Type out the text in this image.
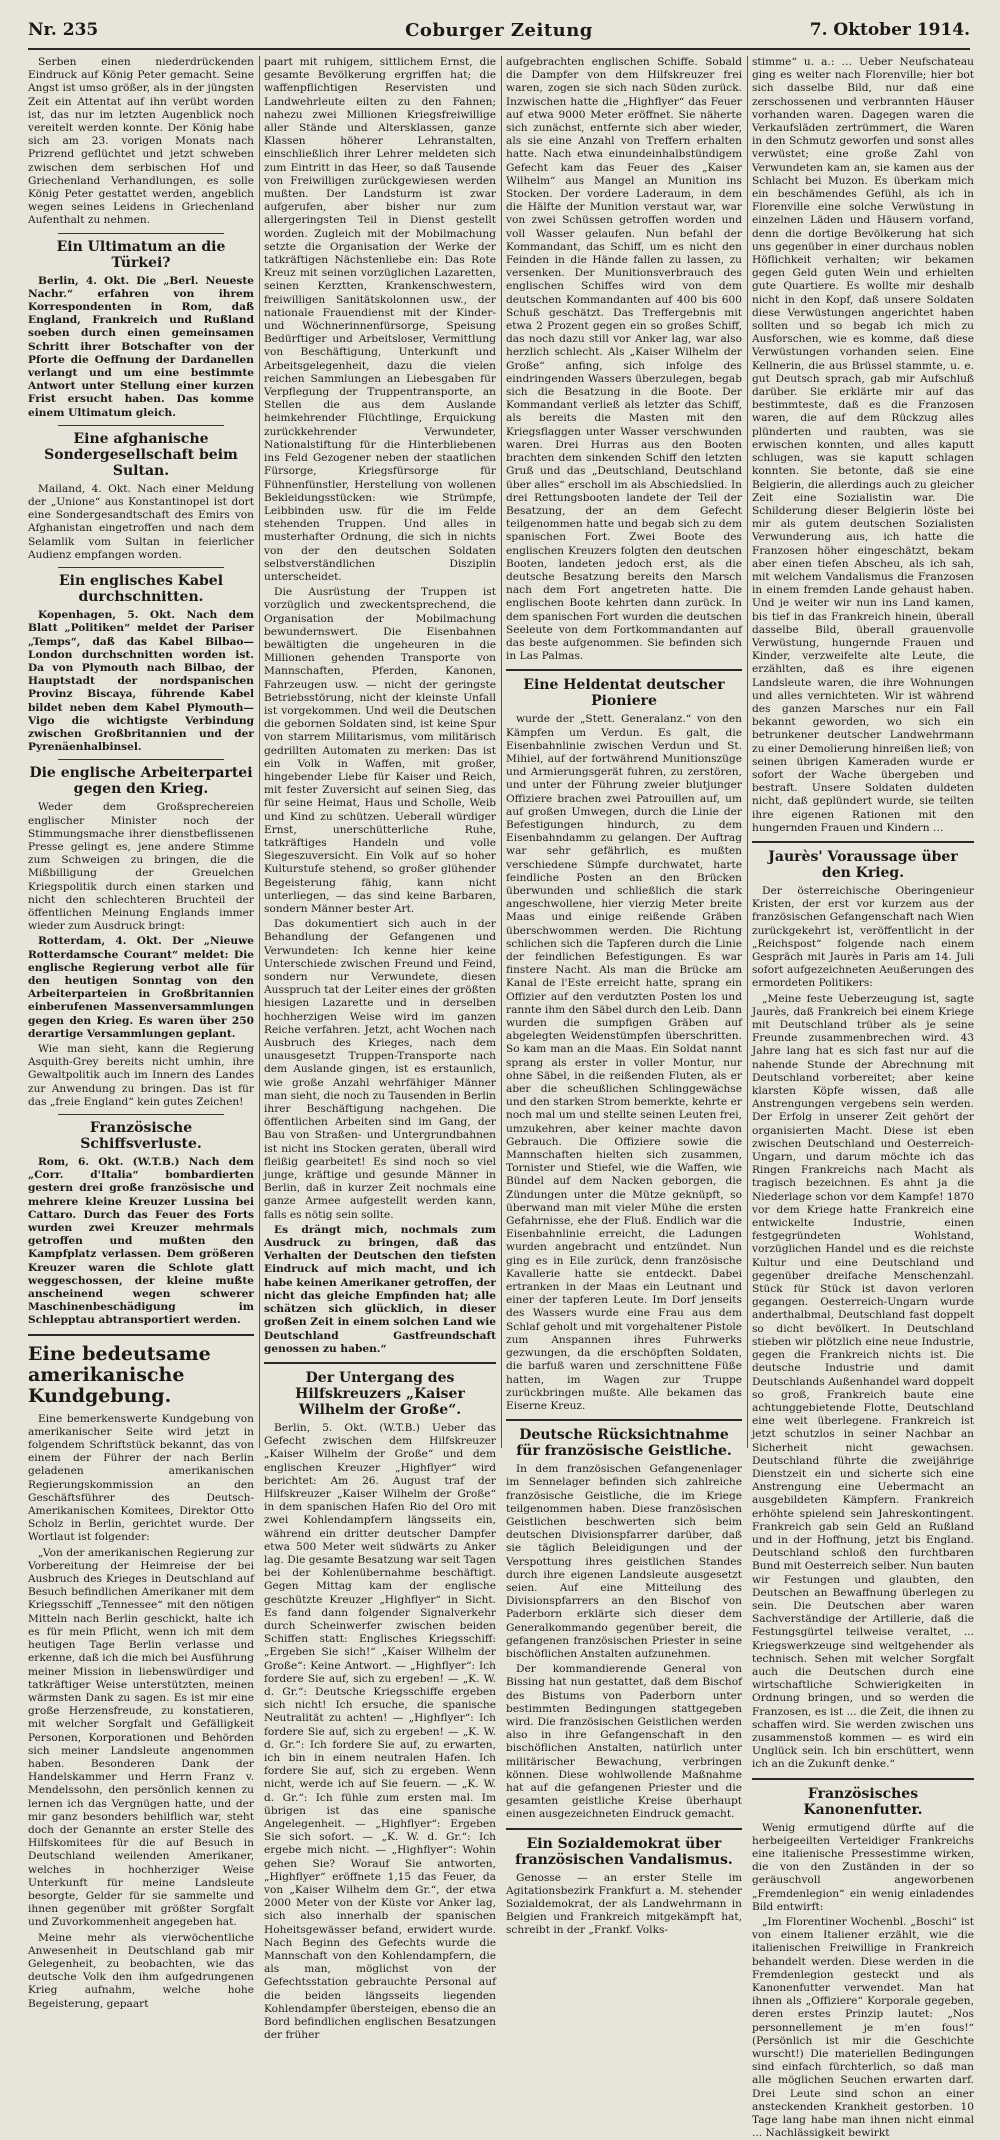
Nr. 235	Coburger Zeitung	7. Oktober 1914.

Serben einen niederdrückenden Eindruck auf König Peter gemacht. Seine Angst ist umso größer, als in der jüngsten Zeit ein Attentat auf ihn verübt worden ist, das nur im letzten Augenblick noch vereitelt werden konnte. Der König habe sich am 23. vorigen Monats nach Prizrend geflüchtet und jetzt schweben zwischen dem serbischen Hof und Griechenland Verhandlungen, es solle König Peter gestattet werden, angeblich wegen seines Leidens in Griechenland Aufenthalt zu nehmen.

Ein Ultimatum an die Türkei?

Berlin, 4. Okt. Die „Berl. Neueste Nachr.“ erfahren von ihrem Korrespondenten in Rom, daß England, Frankreich und Rußland soeben durch einen gemeinsamen Schritt ihrer Botschafter von der Pforte die Oeffnung der Dardanellen verlangt und um eine bestimmte Antwort unter Stellung einer kurzen Frist ersucht haben. Das komme einem Ultimatum gleich.

Eine afghanische Sondergesellschaft beim Sultan.

Mailand, 4. Okt. Nach einer Meldung der „Unione“ aus Konstantinopel ist dort eine Sondergesandtschaft des Emirs von Afghanistan eingetroffen und nach dem Selamlik vom Sultan in feierlicher Audienz empfangen worden.

Ein englisches Kabel durchschnitten.

Kopenhagen, 5. Okt. Nach dem Blatt „Politiken“ meldet der Pariser „Temps“, daß das Kabel Bilbao—London durchschnitten worden ist. Da von Plymouth nach Bilbao, der Hauptstadt der nordspanischen Provinz Biscaya, führende Kabel bildet neben dem Kabel Plymouth—Vigo die wichtigste Verbindung zwischen Großbritannien und der Pyrenäenhalbinsel.

Die englische Arbeiterpartei gegen den Krieg.

Weder dem Großsprechereien englischer Minister noch der Stimmungsmache ihrer dienstbeflissenen Presse gelingt es, jene andere Stimme zum Schweigen zu bringen, die die Mißbilligung der Greuelchen Kriegspolitik durch einen starken und nicht den schlechteren Bruchteil der öffentlichen Meinung Englands immer wieder zum Ausdruck bringt:

Rotterdam, 4. Okt. Der „Nieuwe Rotterdamsche Courant“ meldet: Die englische Regierung verbot alle für den heutigen Sonntag von den Arbeiterparteien in Großbritannien einberufenen Massenversammlungen gegen den Krieg. Es waren über 250 derartige Versammlungen geplant.

Wie man sieht, kann die Regierung Asquith-Grey bereits nicht umhin, ihre Gewaltpolitik auch im Innern des Landes zur Anwendung zu bringen. Das ist für das „freie England“ kein gutes Zeichen!

Französische Schiffsverluste.

Rom, 6. Okt. (W.T.B.) Nach dem „Corr. d'Italia“ bombardierten gestern drei große französische und mehrere kleine Kreuzer Lussina bei Cattaro. Durch das Feuer des Forts wurden zwei Kreuzer mehrmals getroffen und mußten den Kampfplatz verlassen. Dem größeren Kreuzer waren die Schlote glatt weggeschossen, der kleine mußte anscheinend wegen schwerer Maschinenbeschädigung im Schlepptau abtransportiert werden.

Eine bedeutsame amerikanische Kundgebung.

Eine bemerkenswerte Kundgebung von amerikanischer Seite wird jetzt in folgendem Schriftstück bekannt, das von einem der Führer der nach Berlin geladenen amerikanischen Regierungskommission an den Geschäftsführer des Deutsch-Amerikanischen Komitees, Direktor Otto Scholz in Berlin, gerichtet wurde. Der Wortlaut ist folgender:

„Von der amerikanischen Regierung zur Vorbereitung der Heimreise der bei Ausbruch des Krieges in Deutschland auf Besuch befindlichen Amerikaner mit dem Kriegsschiff „Tennessee“ mit den nötigen Mitteln nach Berlin geschickt, halte ich es für mein Pflicht, wenn ich mit dem heutigen Tage Berlin verlasse und erkenne, daß ich die mich bei Ausführung meiner Mission in liebenswürdiger und tatkräftiger Weise unterstützten, meinen wärmsten Dank zu sagen. Es ist mir eine große Herzensfreude, zu konstatieren, mit welcher Sorgfalt und Gefälligkeit Personen, Korporationen und Behörden sich meiner Landsleute angenommen haben. Besonderen Dank der Handelskammer und Herrn Franz v. Mendelssohn, den persönlich kennen zu lernen ich das Vergnügen hatte, und der mir ganz besonders behilflich war, steht doch der Genannte an erster Stelle des Hilfskomitees für die auf Besuch in Deutschland weilenden Amerikaner, welches in hochherziger Weise Unterkunft für meine Landsleute besorgte, Gelder für sie sammelte und ihnen gegenüber mit größter Sorgfalt und Zuvorkommenheit angegeben hat.

Meine mehr als vierwöchentliche Anwesenheit in Deutschland gab mir Gelegenheit, zu beobachten, wie das deutsche Volk den ihm aufgedrungenen Krieg aufnahm, welche hohe Begeisterung, gepaart

paart mit ruhigem, sittlichem Ernst, die gesamte Bevölkerung ergriffen hat; die waffenpflichtigen Reservisten und Landwehrleute eilten zu den Fahnen; nahezu zwei Millionen Kriegsfreiwillige aller Stände und Altersklassen, ganze Klassen höherer Lehranstalten, einschließlich ihrer Lehrer meldeten sich zum Eintritt in das Heer, so daß Tausende von Freiwilligen zurückgewiesen werden mußten. Der Landsturm ist zwar aufgerufen, aber bisher nur zum allergeringsten Teil in Dienst gestellt worden. Zugleich mit der Mobilmachung setzte die Organisation der Werke der tatkräftigen Nächstenliebe ein: Das Rote Kreuz mit seinen vorzüglichen Lazaretten, seinen Kerztten, Krankenschwestern, freiwilligen Sanitätskolonnen usw., der nationale Frauendienst mit der Kinder- und Wöchnerinnenfürsorge, Speisung Bedürftiger und Arbeitsloser, Vermittlung von Beschäftigung, Unterkunft und Arbeitsgelegenheit, dazu die vielen reichen Sammlungen an Liebesgaben für Verpflegung der Truppentransporte, an Stellen die aus dem Auslande heimkehrender Flüchtlinge, Erquickung zurückkehrender Verwundeter, Nationalstiftung für die Hinterbliebenen ins Feld Gezogener neben der staatlichen Fürsorge, Kriegsfürsorge für Fühnenfünstler, Herstellung von wollenen Bekleidungsstücken: wie Strümpfe, Leibbinden usw. für die im Felde stehenden Truppen. Und alles in musterhafter Ordnung, die sich in nichts von der den deutschen Soldaten selbstverständlichen Disziplin unterscheidet.

Die Ausrüstung der Truppen ist vorzüglich und zweckentsprechend, die Organisation der Mobilmachung bewundernswert. Die Eisenbahnen bewältigten die ungeheuren in die Millionen gehenden Transporte von Mannschaften, Pferden, Kanonen, Fahrzeugen usw. — nicht der geringste Betriebsstörung, nicht der kleinste Unfall ist vorgekommen. Und weil die Deutschen die gebornen Soldaten sind, ist keine Spur von starrem Militarismus, vom militärisch gedrillten Automaten zu merken: Das ist ein Volk in Waffen, mit großer, hingebender Liebe für Kaiser und Reich, mit fester Zuversicht auf seinen Sieg, das für seine Heimat, Haus und Scholle, Weib und Kind zu schützen. Ueberall würdiger Ernst, unerschütterliche Ruhe, tatkräftiges Handeln und volle Siegeszuversicht. Ein Volk auf so hoher Kulturstufe stehend, so großer glühender Begeisterung fähig, kann nicht unterliegen, — das sind keine Barbaren, sondern Männer bester Art.

Das dokumentiert sich auch in der Behandlung der Gefangenen und Verwundeten: Ich kenne hier keine Unterschiede zwischen Freund und Feind, sondern nur Verwundete, diesen Ausspruch tat der Leiter eines der größten hiesigen Lazarette und in derselben hochherzigen Weise wird im ganzen Reiche verfahren. Jetzt, acht Wochen nach Ausbruch des Krieges, nach dem unausgesetzt Truppen-Transporte nach dem Auslande gingen, ist es erstaunlich, wie große Anzahl wehrfähiger Männer man sieht, die noch zu Tausenden in Berlin ihrer Beschäftigung nachgehen. Die öffentlichen Arbeiten sind im Gang, der Bau von Straßen- und Untergrundbahnen ist nicht ins Stocken geraten, überall wird fleißig gearbeitet! Es sind noch so viel junge, kräftige und gesunde Männer in Berlin, daß in kurzer Zeit nochmals eine ganze Armee aufgestellt werden kann, falls es nötig sein sollte.

Es drängt mich, nochmals zum Ausdruck zu bringen, daß das Verhalten der Deutschen den tiefsten Eindruck auf mich macht, und ich habe keinen Amerikaner getroffen, der nicht das gleiche Empfinden hat; alle schätzen sich glücklich, in dieser großen Zeit in einem solchen Land wie Deutschland Gastfreundschaft genossen zu haben.“

Der Untergang des Hilfskreuzers „Kaiser Wilhelm der Große“.

Berlin, 5. Okt. (W.T.B.) Ueber das Gefecht zwischen dem Hilfskreuzer „Kaiser Wilhelm der Große“ und dem englischen Kreuzer „Highflyer“ wird berichtet: Am 26. August traf der Hilfskreuzer „Kaiser Wilhelm der Große“ in dem spanischen Hafen Rio del Oro mit zwei Kohlendampfern längsseits ein, während ein dritter deutscher Dampfer etwa 500 Meter weit südwärts zu Anker lag. Die gesamte Besatzung war seit Tagen bei der Kohlenübernahme beschäftigt. Gegen Mittag kam der englische geschützte Kreuzer „Highflyer“ in Sicht. Es fand dann folgender Signalverkehr durch Scheinwerfer zwischen beiden Schiffen statt: Englisches Kriegsschiff: „Ergeben Sie sich!“ „Kaiser Wilhelm der Große“: Keine Antwort. — „Highflyer“: Ich fordere Sie auf, sich zu ergeben! — „K. W. d. Gr.“: Deutsche Kriegsschiffe ergeben sich nicht! Ich ersuche, die spanische Neutralität zu achten! — „Highflyer“: Ich fordere Sie auf, sich zu ergeben! — „K. W. d. Gr.“: Ich fordere Sie auf, zu erwarten, ich bin in einem neutralen Hafen. Ich fordere Sie auf, sich zu ergeben. Wenn nicht, werde ich auf Sie feuern. — „K. W. d. Gr.“: Ich fühle zum ersten mal. Im übrigen ist das eine spanische Angelegenheit. — „Highflyer“: Ergeben Sie sich sofort. — „K. W. d. Gr.“: Ich ergebe mich nicht. — „Highflyer“: Wohin gehen Sie? Worauf Sie antworten, „Highflyer“ eröffnete 1,15 das Feuer, da von „Kaiser Wilhelm dem Gr.“, der etwa 2000 Meter von der Küste vor Anker lag, sich also innerhalb der spanischen Hoheitsgewässer befand, erwidert wurde. Nach Beginn des Gefechts wurde die Mannschaft von den Kohlendampfern, die als man, möglichst von der Gefechtsstation gebrauchte Personal auf die beiden längsseits liegenden Kohlendampfer übersteigen, ebenso die an Bord befindlichen englischen Besatzungen der früher

aufgebrachten englischen Schiffe. Sobald die Dampfer von dem Hilfskreuzer frei waren, zogen sie sich nach Süden zurück. Inzwischen hatte die „Highflyer“ das Feuer auf etwa 9000 Meter eröffnet. Sie näherte sich zunächst, entfernte sich aber wieder, als sie eine Anzahl von Treffern erhalten hatte. Nach etwa einundeinhalbstündigem Gefecht kam das Feuer des „Kaiser Wilhelm“ aus Mangel an Munition ins Stocken. Der vordere Laderaum, in dem die Hälfte der Munition verstaut war, war von zwei Schüssen getroffen worden und voll Wasser gelaufen. Nun befahl der Kommandant, das Schiff, um es nicht den Feinden in die Hände fallen zu lassen, zu versenken. Der Munitionsverbrauch des englischen Schiffes wird von dem deutschen Kommandanten auf 400 bis 600 Schuß geschätzt. Das Treffergebnis mit etwa 2 Prozent gegen ein so großes Schiff, das noch dazu still vor Anker lag, war also herzlich schlecht. Als „Kaiser Wilhelm der Große“ anfing, sich infolge des eindringenden Wassers überzulegen, begab sich die Besatzung in die Boote. Der Kommandant verließ als letzter das Schiff, als bereits die Masten mit den Kriegsflaggen unter Wasser verschwunden waren. Drei Hurras aus den Booten brachten dem sinkenden Schiff den letzten Gruß und das „Deutschland, Deutschland über alles“ erscholl im als Abschiedslied. In drei Rettungsbooten landete der Teil der Besatzung, der an dem Gefecht teilgenommen hatte und begab sich zu dem spanischen Fort. Zwei Boote des englischen Kreuzers folgten den deutschen Booten, landeten jedoch erst, als die deutsche Besatzung bereits den Marsch nach dem Fort angetreten hatte. Die englischen Boote kehrten dann zurück. In dem spanischen Fort wurden die deutschen Seeleute von dem Fortkommandanten auf das beste aufgenommen. Sie befinden sich in Las Palmas.

Eine Heldentat deutscher Pioniere

wurde der „Stett. Generalanz.“ von den Kämpfen um Verdun. Es galt, die Eisenbahnlinie zwischen Verdun und St. Mihiel, auf der fortwährend Munitionszüge und Armierungsgerät fuhren, zu zerstören, und unter der Führung zweier blutjunger Offiziere brachen zwei Patrouillen auf, um auf großen Umwegen, durch die Linie der Befestigungen hindurch, zu dem Eisenbahndamm zu gelangen. Der Auftrag war sehr gefährlich, es mußten verschiedene Sümpfe durchwatet, harte feindliche Posten an den Brücken überwunden und schließlich die stark angeschwollene, hier vierzig Meter breite Maas und einige reißende Gräben überschwommen werden. Die Richtung schlichen sich die Tapferen durch die Linie der feindlichen Befestigungen. Es war finstere Nacht. Als man die Brücke am Kanal de l'Este erreicht hatte, sprang ein Offizier auf den verdutzten Posten los und rannte ihm den Säbel durch den Leib. Dann wurden die sumpfigen Gräben auf abgelegten Weidenstümpfen überschritten. So kam man an die Maas. Ein Soldat nannt sprang als erster in voller Montur, nur ohne Säbel, in die reißenden Fluten, als er aber die scheußlichen Schlinggewächse und den starken Strom bemerkte, kehrte er noch mal um und stellte seinen Leuten frei, umzukehren, aber keiner machte davon Gebrauch. Die Offiziere sowie die Mannschaften hielten sich zusammen, Tornister und Stiefel, wie die Waffen, wie Bündel auf dem Nacken geborgen, die Zündungen unter die Mütze geknüpft, so überwand man mit vieler Mühe die ersten Gefahrnisse, ehe der Fluß. Endlich war die Eisenbahnlinie erreicht, die Ladungen wurden angebracht und entzündet. Nun ging es in Eile zurück, denn französische Kavallerie hatte sie entdeckt. Dabei ertranken in der Maas ein Leutnant und einer der tapferen Leute. Im Dorf jenseits des Wassers wurde eine Frau aus dem Schlaf geholt und mit vorgehaltener Pistole zum Anspannen ihres Fuhrwerks gezwungen, da die erschöpften Soldaten, die barfuß waren und zerschnittene Füße hatten, im Wagen zur Truppe zurückbringen mußte. Alle bekamen das Eiserne Kreuz.

Deutsche Rücksichtnahme für französische Geistliche.

In dem französischen Gefangenenlager im Sennelager befinden sich zahlreiche französische Geistliche, die im Kriege teilgenommen haben. Diese französischen Geistlichen beschwerten sich beim deutschen Divisionspfarrer darüber, daß sie täglich Beleidigungen und der Verspottung ihres geistlichen Standes durch ihre eigenen Landsleute ausgesetzt seien. Auf eine Mitteilung des Divisionspfarrers an den Bischof von Paderborn erklärte sich dieser dem Generalkommando gegenüber bereit, die gefangenen französischen Priester in seine bischöflichen Anstalten aufzunehmen.

Der kommandierende General von Bissing hat nun gestattet, daß dem Bischof des Bistums von Paderborn unter bestimmten Bedingungen stattgegeben wird. Die französischen Geistlichen werden also in ihre Gefangenschaft in den bischöflichen Anstalten, natürlich unter militärischer Bewachung, verbringen können. Diese wohlwollende Maßnahme hat auf die gefangenen Priester und die gesamten geistliche Kreise überhaupt einen ausgezeichneten Eindruck gemacht.

Ein Sozialdemokrat über französischen Vandalismus.

Genosse — an erster Stelle im Agitationsbezirk Frankfurt a. M. stehender Sozialdemokrat, der als Landwehrmann in Belgien und Frankreich mitgekämpft hat, schreibt in der „Frankf. Volks-

stimme“ u. a.: … Ueber Neufschateau ging es weiter nach Florenville; hier bot sich dasselbe Bild, nur daß eine zerschossenen und verbrannten Häuser vorhanden waren. Dagegen waren die Verkaufsläden zertrümmert, die Waren in den Schmutz geworfen und sonst alles verwüstet; eine große Zahl von Verwundeten kam an, sie kamen aus der Schlacht bei Muzon. Es überkam mich ein beschämendes Gefühl, als ich in Florenville eine solche Verwüstung in einzelnen Läden und Häusern vorfand, denn die dortige Bevölkerung hat sich uns gegenüber in einer durchaus noblen Höflichkeit verhalten; wir bekamen gegen Geld guten Wein und erhielten gute Quartiere. Es wollte mir deshalb nicht in den Kopf, daß unsere Soldaten diese Verwüstungen angerichtet haben sollten und so begab ich mich zu Ausforschen, wie es komme, daß diese Verwüstungen vorhanden seien. Eine Kellnerin, die aus Brüssel stammte, u. e. gut Deutsch sprach, gab mir Aufschluß darüber. Sie erklärte mir auf das bestimmteste, daß es die Franzosen waren, die auf dem Rückzug alles plünderten und raubten, was sie erwischen konnten, und alles kaputt schlugen, was sie kaputt schlagen konnten. Sie betonte, daß sie eine Belgierin, die allerdings auch zu gleicher Zeit eine Sozialistin war. Die Schilderung dieser Belgierin löste bei mir als gutem deutschen Sozialisten Verwunderung aus, ich hatte die Franzosen höher eingeschätzt, bekam aber einen tiefen Abscheu, als ich sah, mit welchem Vandalismus die Franzosen in einem fremden Lande gehaust haben. Und je weiter wir nun ins Land kamen, bis tief in das Frankreich hinein, überall dasselbe Bild, überall grauenvolle Verwüstung, hungernde Frauen und Kinder, verzweifelte alte Leute, die erzählten, daß es ihre eigenen Landsleute waren, die ihre Wohnungen und alles vernichteten. Wir ist während des ganzen Marsches nur ein Fall bekannt geworden, wo sich ein betrunkener deutscher Landwehrmann zu einer Demolierung hinreißen ließ; von seinen übrigen Kameraden wurde er sofort der Wache übergeben und bestraft. Unsere Soldaten duldeten nicht, daß geplündert wurde, sie teilten ihre eigenen Rationen mit den hungernden Frauen und Kindern …

Jaurès' Voraussage über den Krieg.

Der österreichische Oberingenieur Kristen, der erst vor kurzem aus der französischen Gefangenschaft nach Wien zurückgekehrt ist, veröffentlicht in der „Reichspost“ folgende nach einem Gespräch mit Jaurès in Paris am 14. Juli sofort aufgezeichneten Aeußerungen des ermordeten Politikers:

„Meine feste Ueberzeugung ist, sagte Jaurès, daß Frankreich bei einem Kriege mit Deutschland trüber als je seine Freunde zusammenbrechen wird. 43 Jahre lang hat es sich fast nur auf die nahende Stunde der Abrechnung mit Deutschland vorbereitet; aber keine klarsten Köpfe wissen, daß alle Anstrengungen vergebens sein werden. Der Erfolg in unserer Zeit gehört der organisierten Macht. Diese ist eben zwischen Deutschland und Oesterreich-Ungarn, und darum möchte ich das Ringen Frankreichs nach Macht als tragisch bezeichnen. Es ahnt ja die Niederlage schon vor dem Kampfe! 1870 vor dem Kriege hatte Frankreich eine entwickelte Industrie, einen festgegründeten Wohlstand, vorzüglichen Handel und es die reichste Kultur und eine Deutschland und gegenüber dreifache Menschenzahl. Stück für Stück ist davon verloren gegangen. Oesterreich-Ungarn wurde anderthalbmal, Deutschland fast doppelt so dicht bevölkert. In Deutschland stieben wir plötzlich eine neue Industrie, gegen die Frankreich nichts ist. Die deutsche Industrie und damit Deutschlands Außenhandel ward doppelt so groß, Frankreich baute eine achtunggebietende Flotte, Deutschland eine weit überlegene. Frankreich ist jetzt schutzlos in seiner Nachbar an Sicherheit nicht gewachsen. Deutschland führte die zweijährige Dienstzeit ein und sicherte sich eine Anstrengung eine Uebermacht an ausgebildeten Kämpfern. Frankreich erhöhte spielend sein Jahreskontingent. Frankreich gab sein Geld an Rußland und in der Hoffnung, jetzt bis England. Deutschland schloß den furchtbaren Bund mit Oesterreich selber. Nun bauten wir Festungen und glaubten, den Deutschen an Bewaffnung überlegen zu sein. Die Deutschen aber waren Sachverständige der Artillerie, daß die Festungsgürtel teilweise veraltet, ... Kriegswerkzeuge sind weltgehender als technisch. Sehen mit welcher Sorgfalt auch die Deutschen durch eine wirtschaftliche Schwierigkeiten in Ordnung bringen, und so werden die Franzosen, es ist ... die Zeit, die ihnen zu schaffen wird. Sie werden zwischen uns zusammenstoß kommen — es wird ein Unglück sein. Ich bin erschüttert, wenn ich an die Zukunft denke.“

Französisches Kanonenfutter.

Wenig ermutigend dürfte auf die herbeigeeilten Verteidiger Frankreichs eine italienische Pressestimme wirken, die von den Zuständen in der so geräuschvoll angeworbenen „Fremdenlegion“ ein wenig einladendes Bild entwirft:

„Im Florentiner Wochenbl. „Boschi“ ist von einem Italiener erzählt, wie die italienischen Freiwillige in Frankreich behandelt werden. Diese werden in die Fremdenlegion gesteckt und als Kanonenfutter verwendet. Man hat ihnen als „Offiziere“ Korporale gegeben, deren erstes Prinzip lautet: „Nos personnellement je m'en fous!“ (Persönlich ist mir die Geschichte wurscht!) Die materiellen Bedingungen sind einfach fürchterlich, so daß man alle möglichen Seuchen erwarten darf. Drei Leute sind schon an einer ansteckenden Krankheit gestorben. 10 Tage lang habe man ihnen nicht einmal ... Nachlässigkeit bewirkt
